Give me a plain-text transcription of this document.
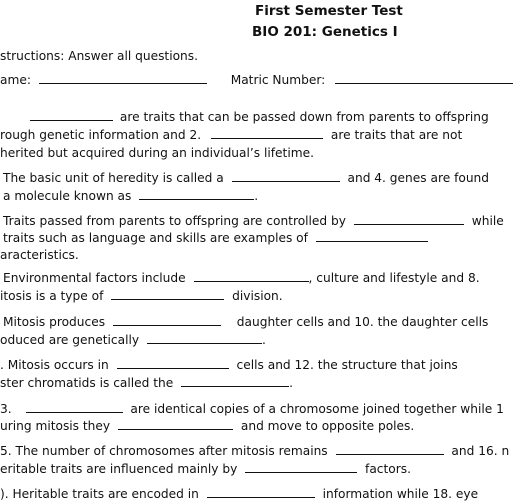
First Semester Test
BIO 201: Genetics I
structions: Answer all questions.
ame:	Matric Number:
are traits that can be passed down from parents to offspring
rough genetic information and 2.	are traits that are not
herited but acquired during an individual’s lifetime.
The basic unit of heredity is called a	and 4. genes are found
a molecule known as	.
Traits passed from parents to offspring are controlled by	while
traits such as language and skills are examples of
aracteristics.
Environmental factors include	, culture and lifestyle and 8.
itosis is a type of	division.
Mitosis produces	daughter cells and 10. the daughter cells
oduced are genetically	.
. Mitosis occurs in	cells and 12. the structure that joins
ster chromatids is called the	.
3.	are identical copies of a chromosome joined together while 1
uring mitosis they	and move to opposite poles.
5. The number of chromosomes after mitosis remains	and 16. n
eritable traits are influenced mainly by	factors.
). Heritable traits are encoded in	information while 18. eye
